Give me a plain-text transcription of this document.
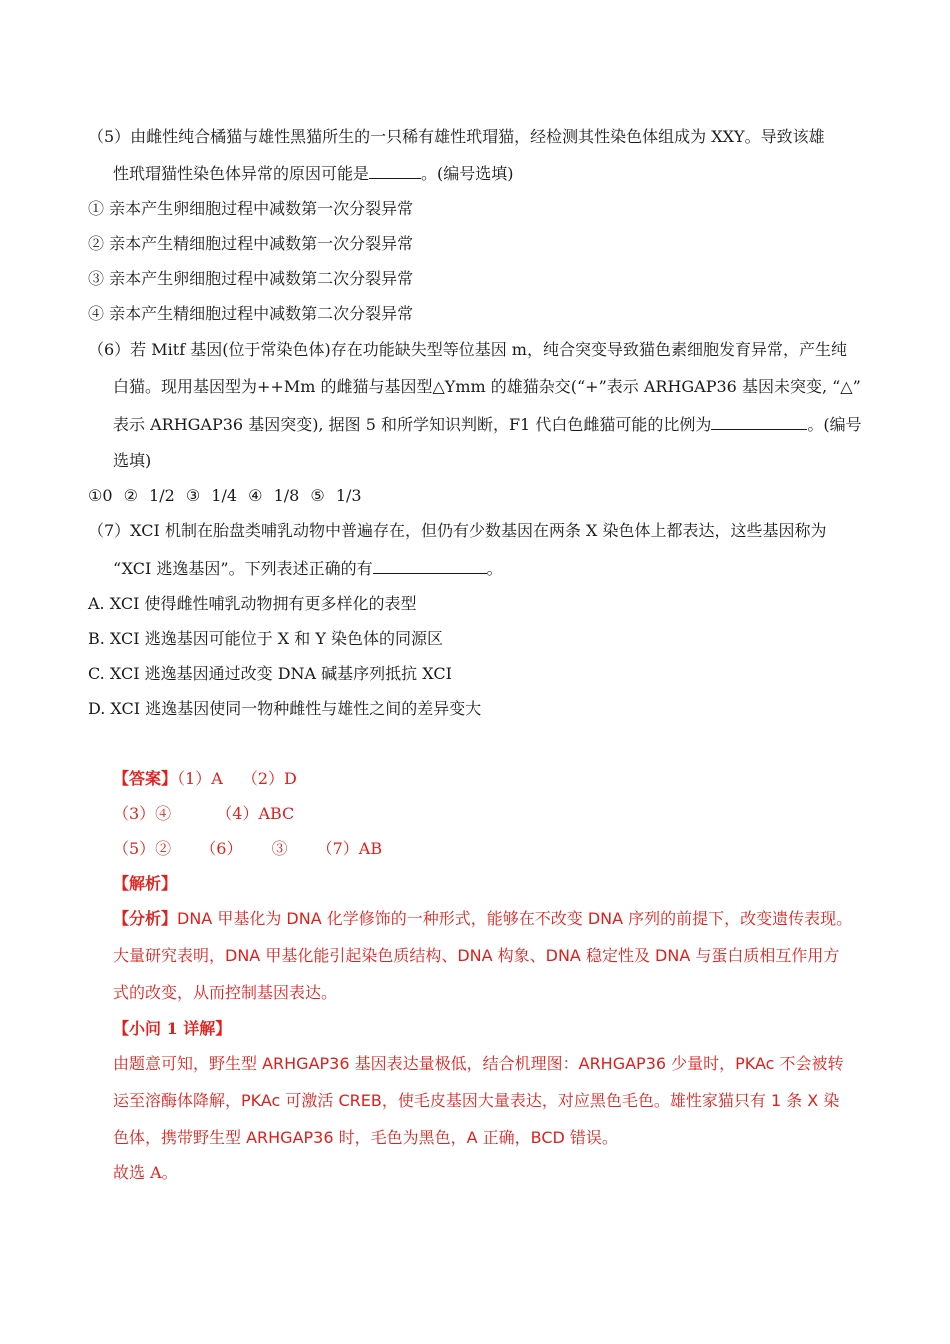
（5）由雌性纯合橘猫与雄性黑猫所生的一只稀有雄性玳瑁猫，经检测其性染色体组成为 XXY。导致该雄
性玳瑁猫性染色体异常的原因可能是	。(编号选填)
① 亲本产生卵细胞过程中减数第一次分裂异常
② 亲本产生精细胞过程中减数第一次分裂异常
③ 亲本产生卵细胞过程中减数第二次分裂异常
④ 亲本产生精细胞过程中减数第二次分裂异常
（6）若 Mitf 基因(位于常染色体)存在功能缺失型等位基因 m，纯合突变导致猫色素细胞发育异常，产生纯
白猫。现用基因型为++Mm 的雌猫与基因型△Ymm 的雄猫杂交(“+”表示 ARHGAP36 基因未突变, “△”
表示 ARHGAP36 基因突变), 据图 5 和所学知识判断，F1 代白色雌猫可能的比例为	。(编号
选填)
①0 ② 1/2 ③ 1/4 ④ 1/8 ⑤ 1/3
（7）XCI 机制在胎盘类哺乳动物中普遍存在，但仍有少数基因在两条 X 染色体上都表达，这些基因称为
“XCI 逃逸基因”。下列表述正确的有	。
A. XCI 使得雌性哺乳动物拥有更多样化的表型
B. XCI 逃逸基因可能位于 X 和 Y 染色体的同源区
C. XCI 逃逸基因通过改变 DNA 碱基序列抵抗 XCI
D. XCI 逃逸基因使同一物种雌性与雄性之间的差异变大
【答案】（1）A （2）D
（3）④ （4）ABC
（5）② （6） ③ （7）AB
【解析】
【分析】DNA 甲基化为 DNA 化学修饰的一种形式，能够在不改变 DNA 序列的前提下，改变遗传表现。
大量研究表明，DNA 甲基化能引起染色质结构、DNA 构象、DNA 稳定性及 DNA 与蛋白质相互作用方
式的改变，从而控制基因表达。
【小问 1 详解】
由题意可知，野生型 ARHGAP36 基因表达量极低，结合机理图：ARHGAP36 少量时，PKAc 不会被转
运至溶酶体降解，PKAc 可激活 CREB，使毛皮基因大量表达，对应黑色毛色。雄性家猫只有 1 条 X 染
色体，携带野生型 ARHGAP36 时，毛色为黑色，A 正确，BCD 错误。
故选 A。
